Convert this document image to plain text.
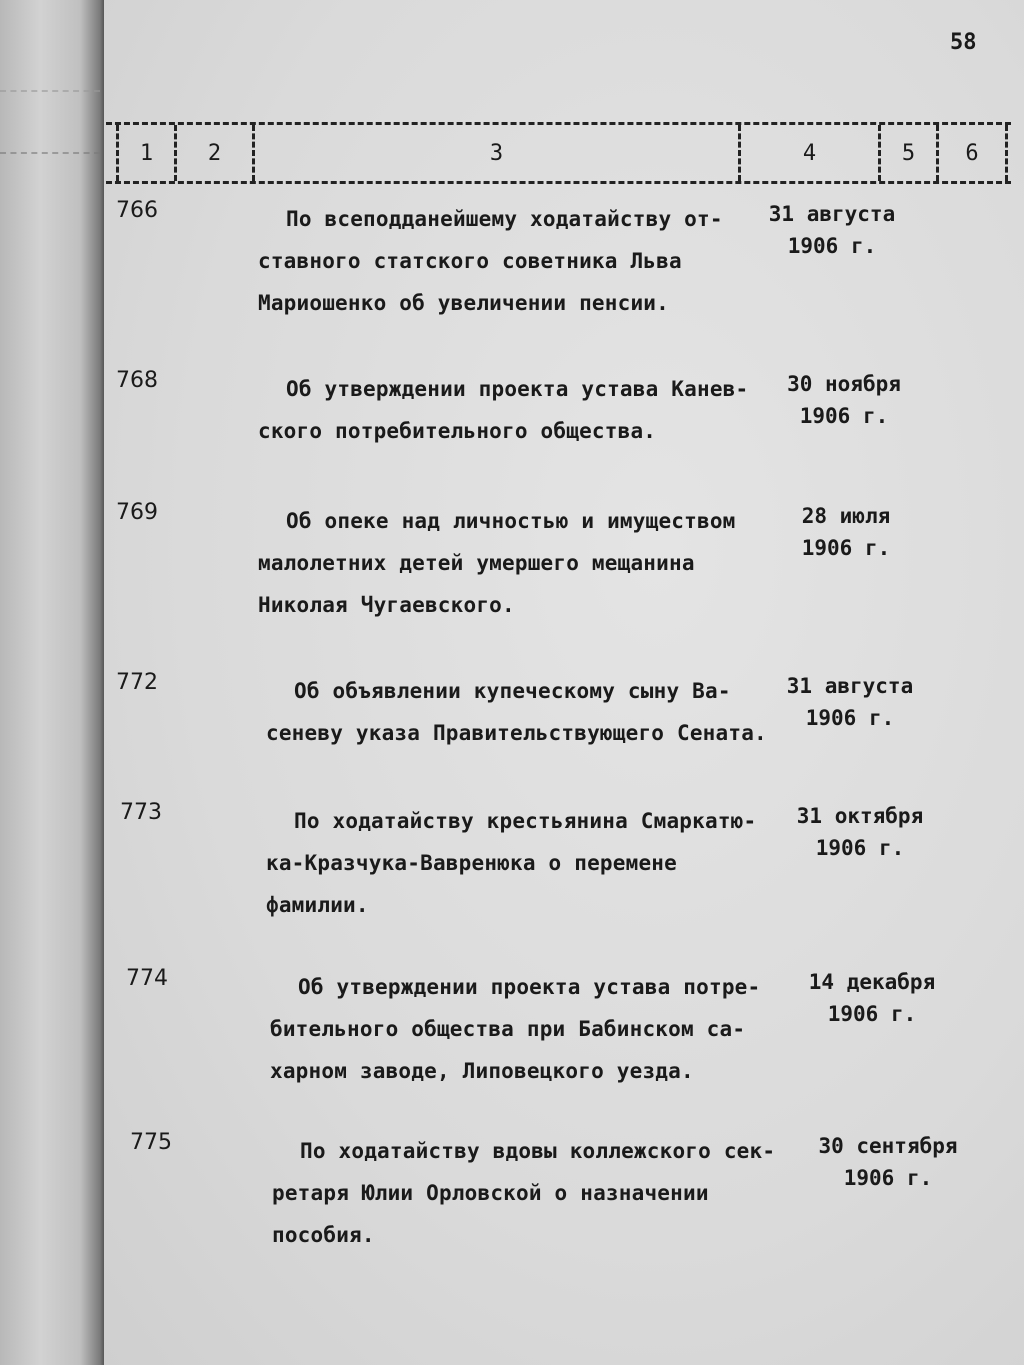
58
1	2	3	4	5	6
766	По всеподданейшему ходатайству от-
ставного статского советника Льва
Мариошенко об увеличении пенсии.
31 августа
1906 г.
768	Об утверждении проекта устава Канев-
ского потребительного общества.
30 ноября
1906 г.
769	Об опеке над личностью и имуществом
малолетних детей умершего мещанина
Николая Чугаевского.
28 июля
1906 г.
772	Об объявлении купеческому сыну Ва-
сеневу указа Правительствующего Сената.
31 августа
1906 г.
773	По ходатайству крестьянина Смаркатю-
ка-Кразчука-Вавренюка о перемене
фамилии.
31 октября
1906 г.
774	Об утверждении проекта устава потре-
бительного общества при Бабинском са-
харном заводе, Липовецкого уезда.
14 декабря
1906 г.
775	По ходатайству вдовы коллежского сек-
ретаря Юлии Орловской о назначении
пособия.
30 сентября
1906 г.
